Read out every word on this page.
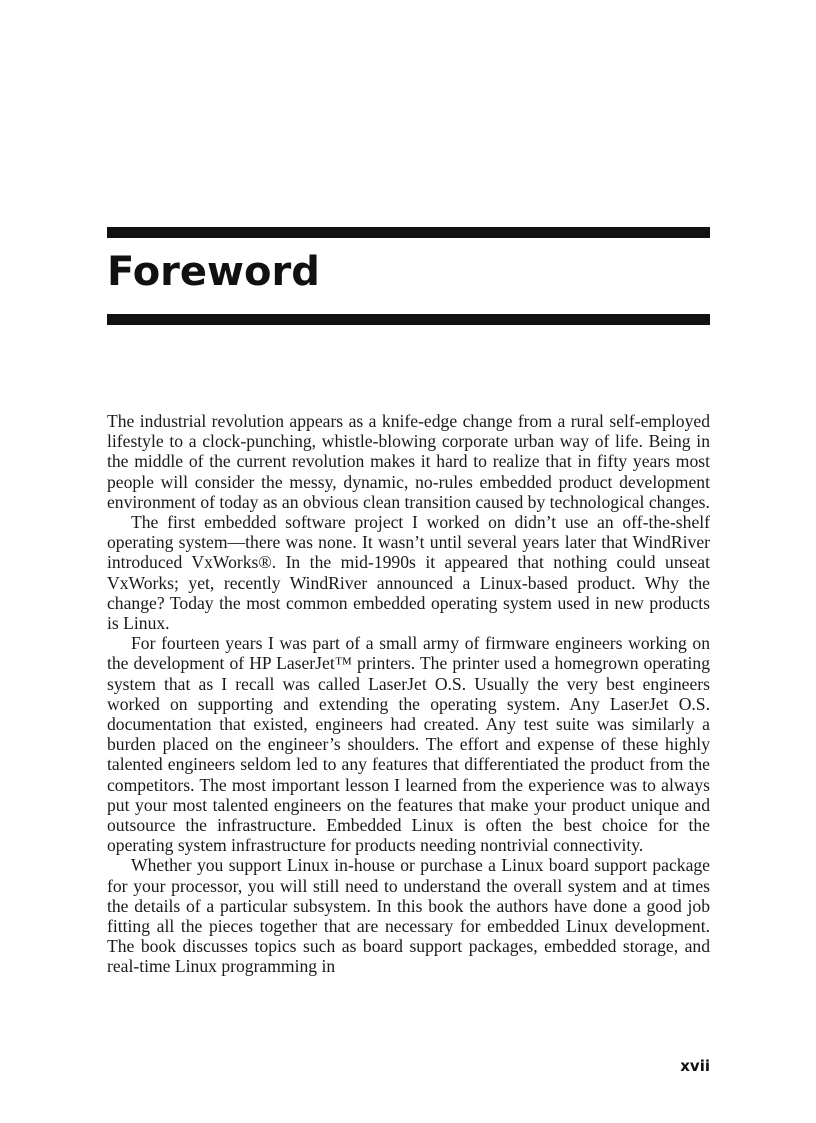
Foreword

The industrial revolution appears as a knife-edge change from a rural self-employed lifestyle to a clock-punching, whistle-blowing corporate urban way of life. Being in the middle of the current revolution makes it hard to realize that in fifty years most people will consider the messy, dynamic, no-rules embedded product development environment of today as an obvious clean transition caused by technological changes.

The first embedded software project I worked on didn’t use an off-the-shelf operating system—there was none. It wasn’t until several years later that WindRiver introduced VxWorks®. In the mid-1990s it appeared that nothing could unseat VxWorks; yet, recently WindRiver announced a Linux-based product. Why the change? Today the most common embedded operating system used in new products is Linux.

For fourteen years I was part of a small army of firmware engineers working on the development of HP LaserJet™ printers. The printer used a homegrown operating system that as I recall was called LaserJet O.S. Usually the very best engineers worked on supporting and extending the operating system. Any LaserJet O.S. documentation that existed, engineers had created. Any test suite was similarly a burden placed on the engineer’s shoulders. The effort and expense of these highly talented engineers seldom led to any features that differentiated the product from the competitors. The most important lesson I learned from the experience was to always put your most talented engineers on the features that make your product unique and outsource the infrastructure. Embedded Linux is often the best choice for the operating system infrastructure for products needing nontrivial connectivity.

Whether you support Linux in-house or purchase a Linux board support package for your processor, you will still need to understand the overall system and at times the details of a particular subsystem. In this book the authors have done a good job fitting all the pieces together that are necessary for embedded Linux development. The book discusses topics such as board support packages, embedded storage, and real-time Linux programming in

xvii
